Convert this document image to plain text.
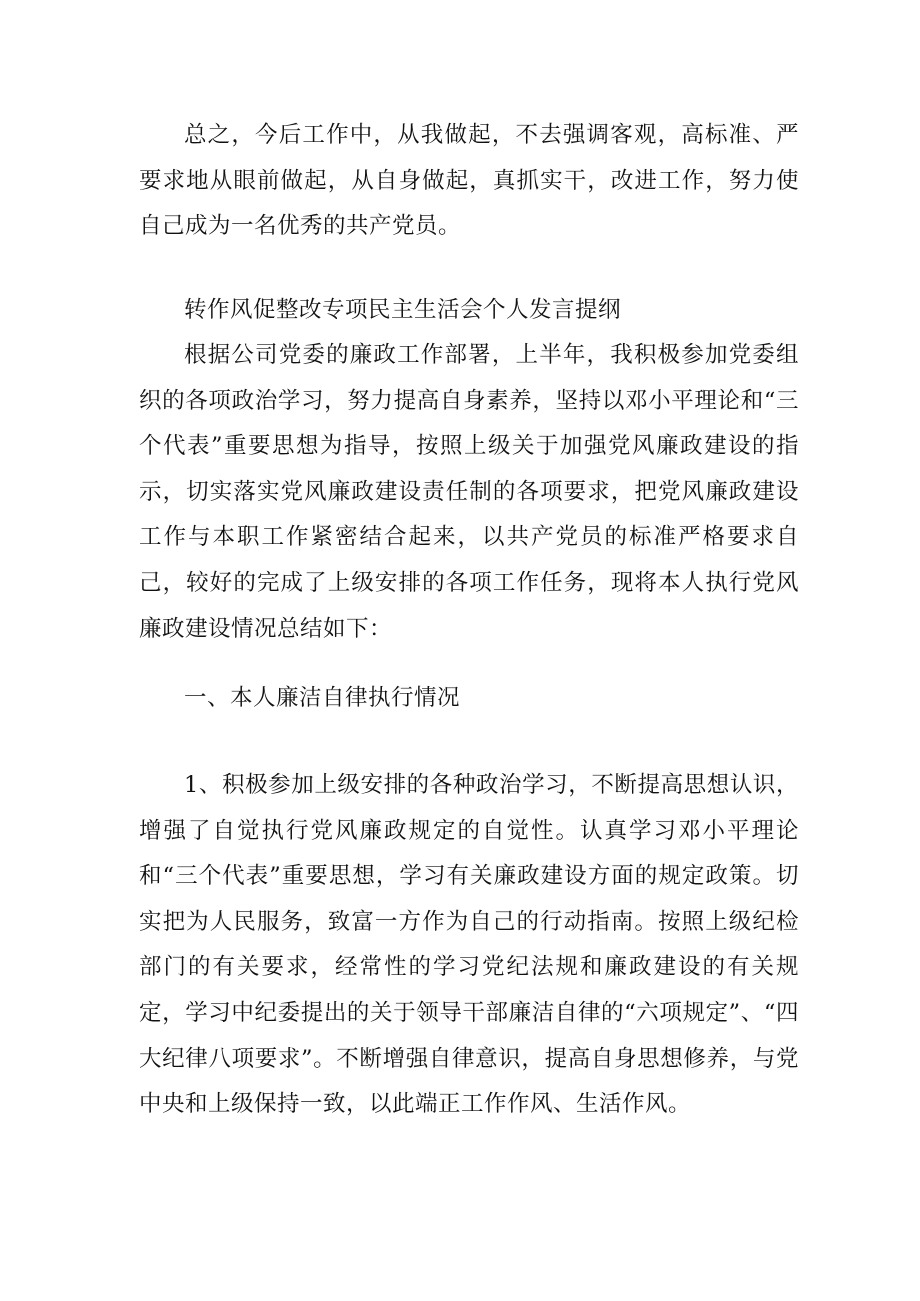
总之，今后工作中，从我做起，不去强调客观，高标准、严要求地从眼前做起，从自身做起，真抓实干，改进工作，努力使自己成为一名优秀的共产党员。

转作风促整改专项民主生活会个人发言提纲

根据公司党委的廉政工作部署，上半年，我积极参加党委组织的各项政治学习，努力提高自身素养，坚持以邓小平理论和“三个代表”重要思想为指导，按照上级关于加强党风廉政建设的指示，切实落实党风廉政建设责任制的各项要求，把党风廉政建设工作与本职工作紧密结合起来，以共产党员的标准严格要求自己，较好的完成了上级安排的各项工作任务，现将本人执行党风廉政建设情况总结如下：

一、本人廉洁自律执行情况

1、积极参加上级安排的各种政治学习，不断提高思想认识，增强了自觉执行党风廉政规定的自觉性。认真学习邓小平理论和“三个代表”重要思想，学习有关廉政建设方面的规定政策。切实把为人民服务，致富一方作为自己的行动指南。按照上级纪检部门的有关要求，经常性的学习党纪法规和廉政建设的有关规定，学习中纪委提出的关于领导干部廉洁自律的“六项规定”、“四大纪律八项要求”。不断增强自律意识，提高自身思想修养，与党中央和上级保持一致，以此端正工作作风、生活作风。
